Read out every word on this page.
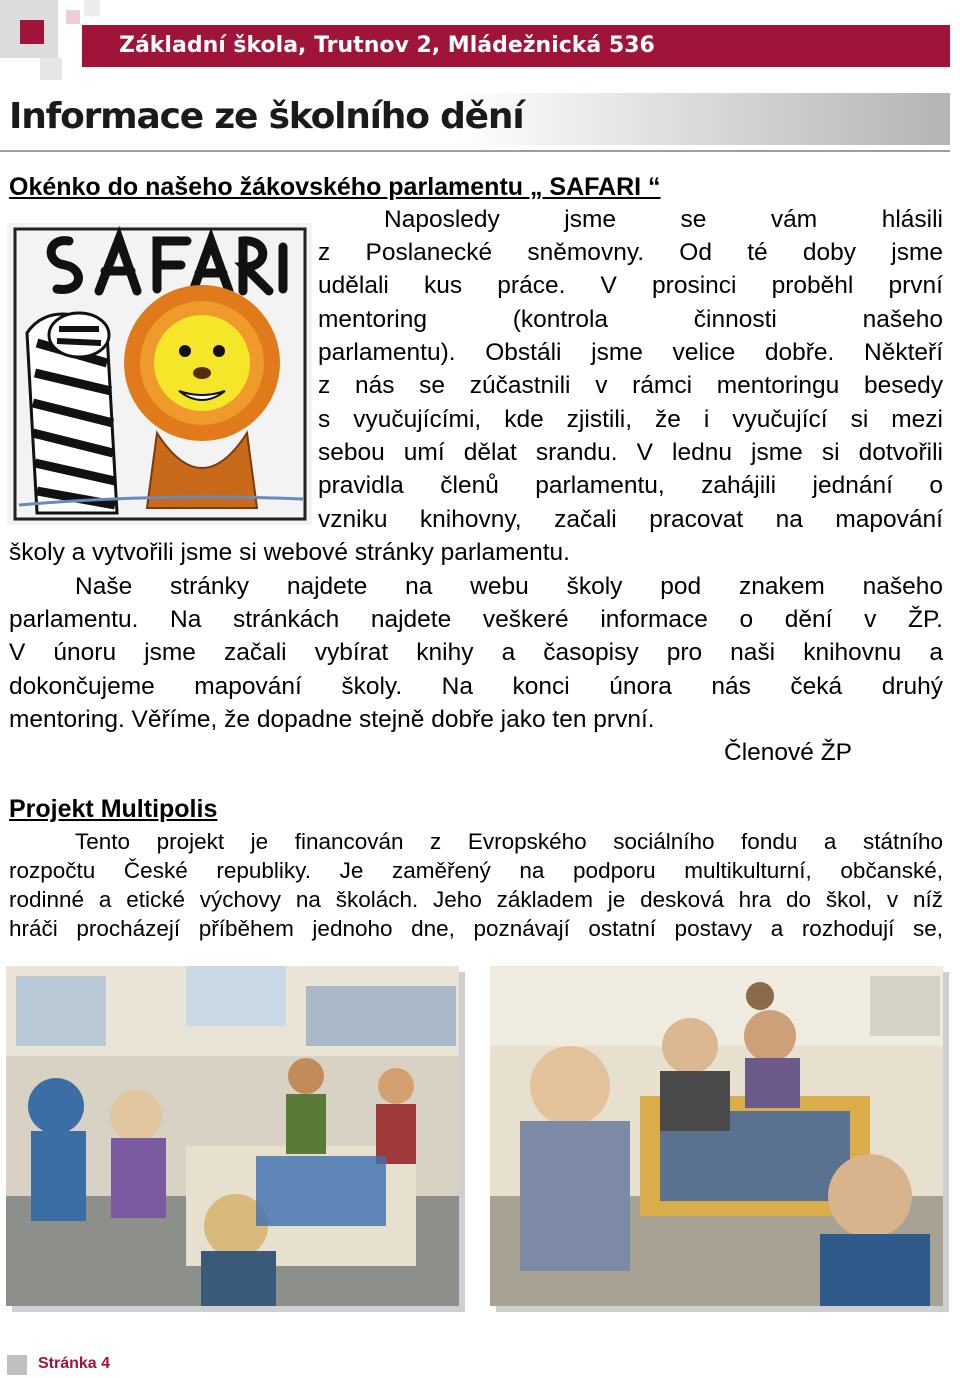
Základní škola, Trutnov 2, Mládežnická 536
Informace ze školního dění
Okénko do našeho žákovského parlamentu „ SAFARI “
Naposledy jsme se vám hlásili
z Poslanecké sněmovny. Od té doby jsme
udělali kus práce. V prosinci proběhl první
mentoring (kontrola činnosti našeho
parlamentu). Obstáli jsme velice dobře. Někteří
z nás se zúčastnili v rámci mentoringu besedy
s vyučujícími, kde zjistili, že i vyučující si mezi
sebou umí dělat srandu. V lednu jsme si dotvořili
pravidla členů parlamentu, zahájili jednání o
vzniku knihovny, začali pracovat na mapování
školy a vytvořili jsme si webové stránky parlamentu.
Naše stránky najdete na webu školy pod znakem našeho
parlamentu. Na stránkách najdete veškeré informace o dění v ŽP.
V únoru jsme začali vybírat knihy a časopisy pro naši knihovnu a
dokončujeme mapování školy. Na konci února nás čeká druhý
mentoring. Věříme, že dopadne stejně dobře jako ten první.
Členové ŽP
Projekt Multipolis
Tento projekt je financován z Evropského sociálního fondu a státního
rozpočtu České republiky. Je zaměřený na podporu multikulturní, občanské,
rodinné a etické výchovy na školách. Jeho základem je desková hra do škol, v níž
hráči procházejí příběhem jednoho dne, poznávají ostatní postavy a rozhodují se,
Stránka 4
